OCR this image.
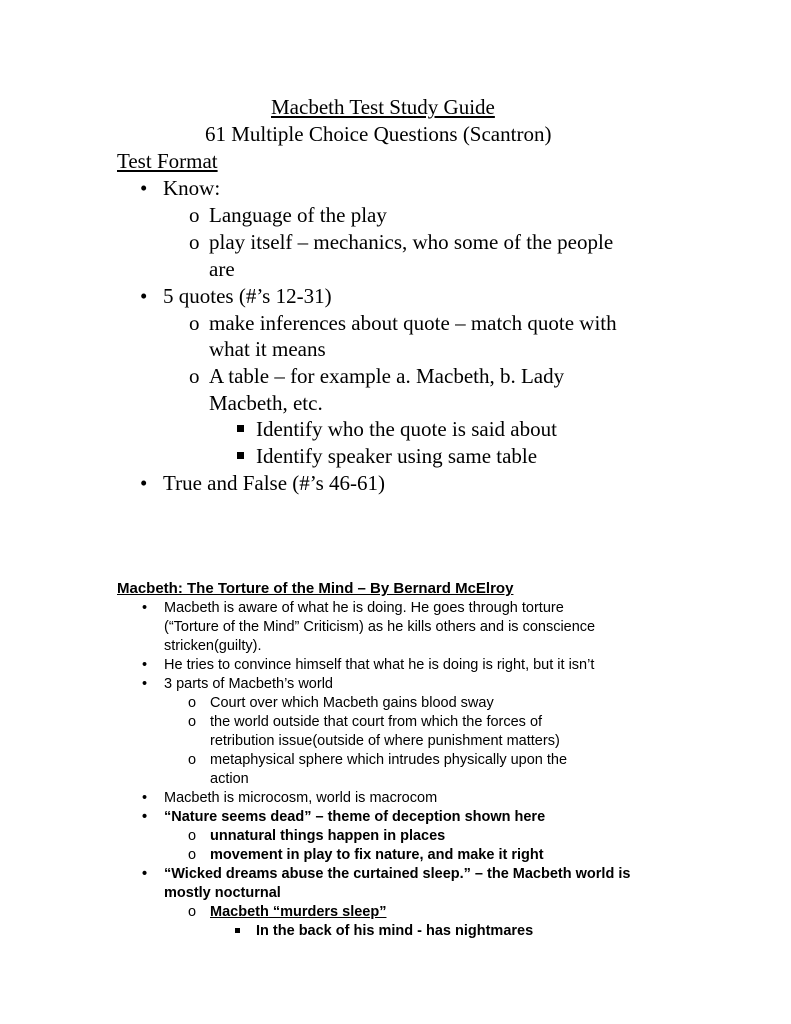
Macbeth Test Study Guide
61 Multiple Choice Questions (Scantron)
Test Format
• Know:
o Language of the play
o play itself – mechanics, who some of the people
are
• 5 quotes (#’s 12-31)
o make inferences about quote – match quote with
what it means
o A table – for example a. Macbeth, b. Lady
Macbeth, etc.
Identify who the quote is said about
Identify speaker using same table
• True and False (#’s 46-61)
Macbeth: The Torture of the Mind – By Bernard McElroy
• Macbeth is aware of what he is doing. He goes through torture
(“Torture of the Mind” Criticism) as he kills others and is conscience
stricken(guilty).
• He tries to convince himself that what he is doing is right, but it isn’t
• 3 parts of Macbeth’s world
o Court over which Macbeth gains blood sway
o the world outside that court from which the forces of
retribution issue(outside of where punishment matters)
o metaphysical sphere which intrudes physically upon the
action
• Macbeth is microcosm, world is macrocom
• “Nature seems dead” – theme of deception shown here
o unnatural things happen in places
o movement in play to fix nature, and make it right
• “Wicked dreams abuse the curtained sleep.” – the Macbeth world is
mostly nocturnal
o Macbeth “murders sleep”
In the back of his mind - has nightmares
